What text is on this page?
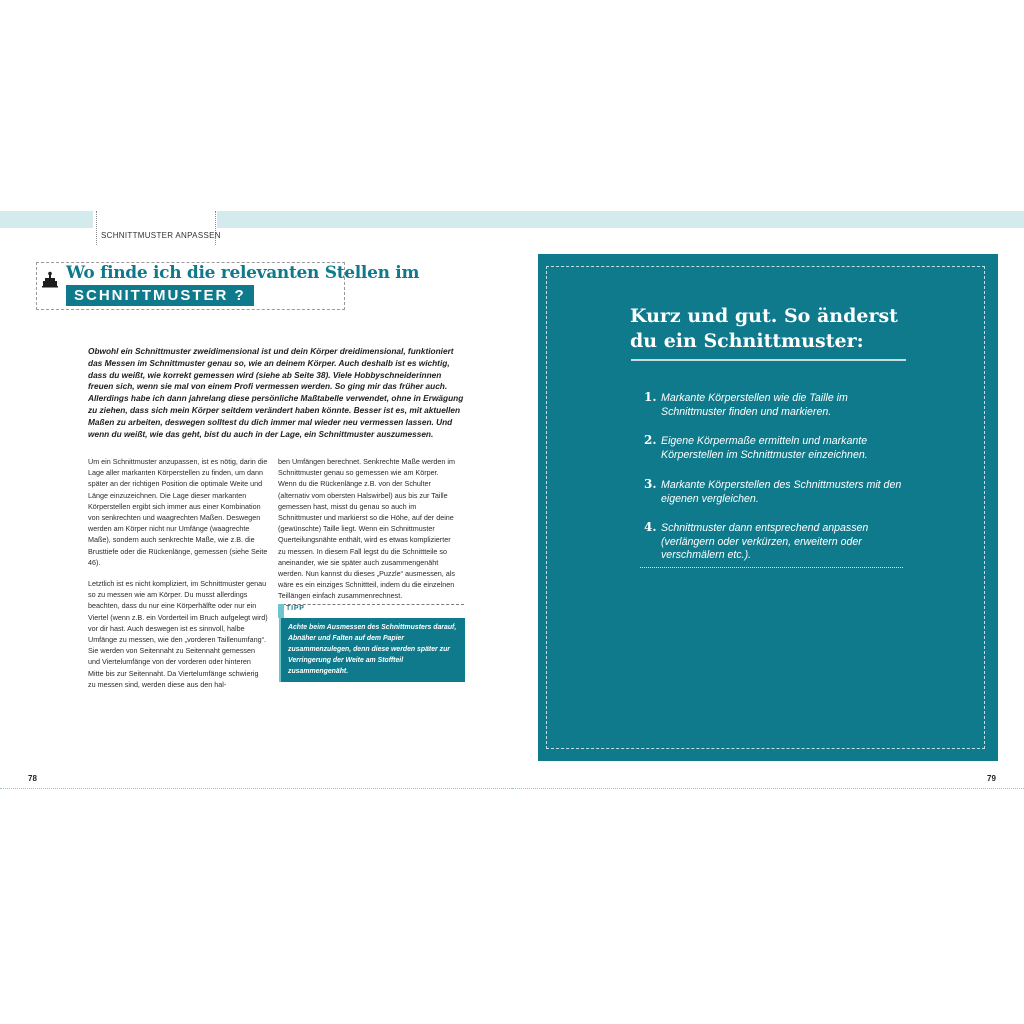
SCHNITTMUSTER ANPASSEN
Wo finde ich die relevanten Stellen im
SCHNITTMUSTER ?

Obwohl ein Schnittmuster zweidimensional ist und dein Körper dreidimensional, funktioniert das Messen im Schnittmuster genau so, wie an deinem Körper. Auch deshalb ist es wichtig, dass du weißt, wie korrekt gemessen wird (siehe ab Seite 38). Viele Hobbyschneiderinnen freuen sich, wenn sie mal von einem Profi vermessen werden. So ging mir das früher auch. Allerdings habe ich dann jahrelang diese persönliche Maßtabelle verwendet, ohne in Erwägung zu ziehen, dass sich mein Körper seitdem verändert haben könnte. Besser ist es, mit aktuellen Maßen zu arbeiten, deswegen solltest du dich immer mal wieder neu vermessen lassen. Und wenn du weißt, wie das geht, bist du auch in der Lage, ein Schnittmuster auszumessen.

Um ein Schnittmuster anzupassen, ist es nötig, darin die Lage aller markanten Körperstellen zu finden, um dann später an der richtigen Position die optimale Weite und Länge einzuzeichnen. Die Lage dieser markanten Körperstellen ergibt sich immer aus einer Kombination von senkrechten und waagrechten Maßen. Deswegen werden am Körper nicht nur Umfänge (waagrechte Maße), sondern auch senkrechte Maße, wie z.B. die Brusttiefe oder die Rückenlänge, gemessen (siehe Seite 46).

Letztlich ist es nicht kompliziert, im Schnittmuster genau so zu messen wie am Körper. Du musst allerdings beachten, dass du nur eine Körperhälfte oder nur ein Viertel (wenn z.B. ein Vorderteil im Bruch aufgelegt wird) vor dir hast. Auch deswegen ist es sinnvoll, halbe Umfänge zu messen, wie den „vorderen Taillenumfang“. Sie werden von Seitennaht zu Seitennaht gemessen und Viertelumfänge von der vorderen oder hinteren Mitte bis zur Seitennaht. Da Viertelumfänge schwierig zu messen sind, werden diese aus den hal-

ben Umfängen berechnet. Senkrechte Maße werden im Schnittmuster genau so gemessen wie am Körper. Wenn du die Rückenlänge z.B. von der Schulter (alternativ vom obersten Halswirbel) aus bis zur Taille gemessen hast, misst du genau so auch im Schnittmuster und markierst so die Höhe, auf der deine (gewünschte) Taille liegt. Wenn ein Schnittmuster Querteilungsnähte enthält, wird es etwas komplizierter zu messen. In diesem Fall legst du die Schnittteile so aneinander, wie sie später auch zusammengenäht werden. Nun kannst du dieses „Puzzle“ ausmessen, als wäre es ein einziges Schnittteil, indem du die einzelnen Teillängen einfach zusammenrechnest.

TIPP
Achte beim Ausmessen des Schnittmusters darauf, Abnäher und Falten auf dem Papier zusammenzulegen, denn diese werden später zur Verringerung der Weite am Stoffteil zusammengenäht.
78	79
Kurz und gut. So änderst du ein Schnittmuster:
1. Markante Körperstellen wie die Taille im Schnittmuster finden und markieren.
2. Eigene Körpermaße ermitteln und markante Körperstellen im Schnittmuster einzeichnen.
3. Markante Körperstellen des Schnittmusters mit den eigenen vergleichen.
4. Schnittmuster dann entsprechend anpassen (verlängern oder verkürzen, erweitern oder verschmälern etc.).
